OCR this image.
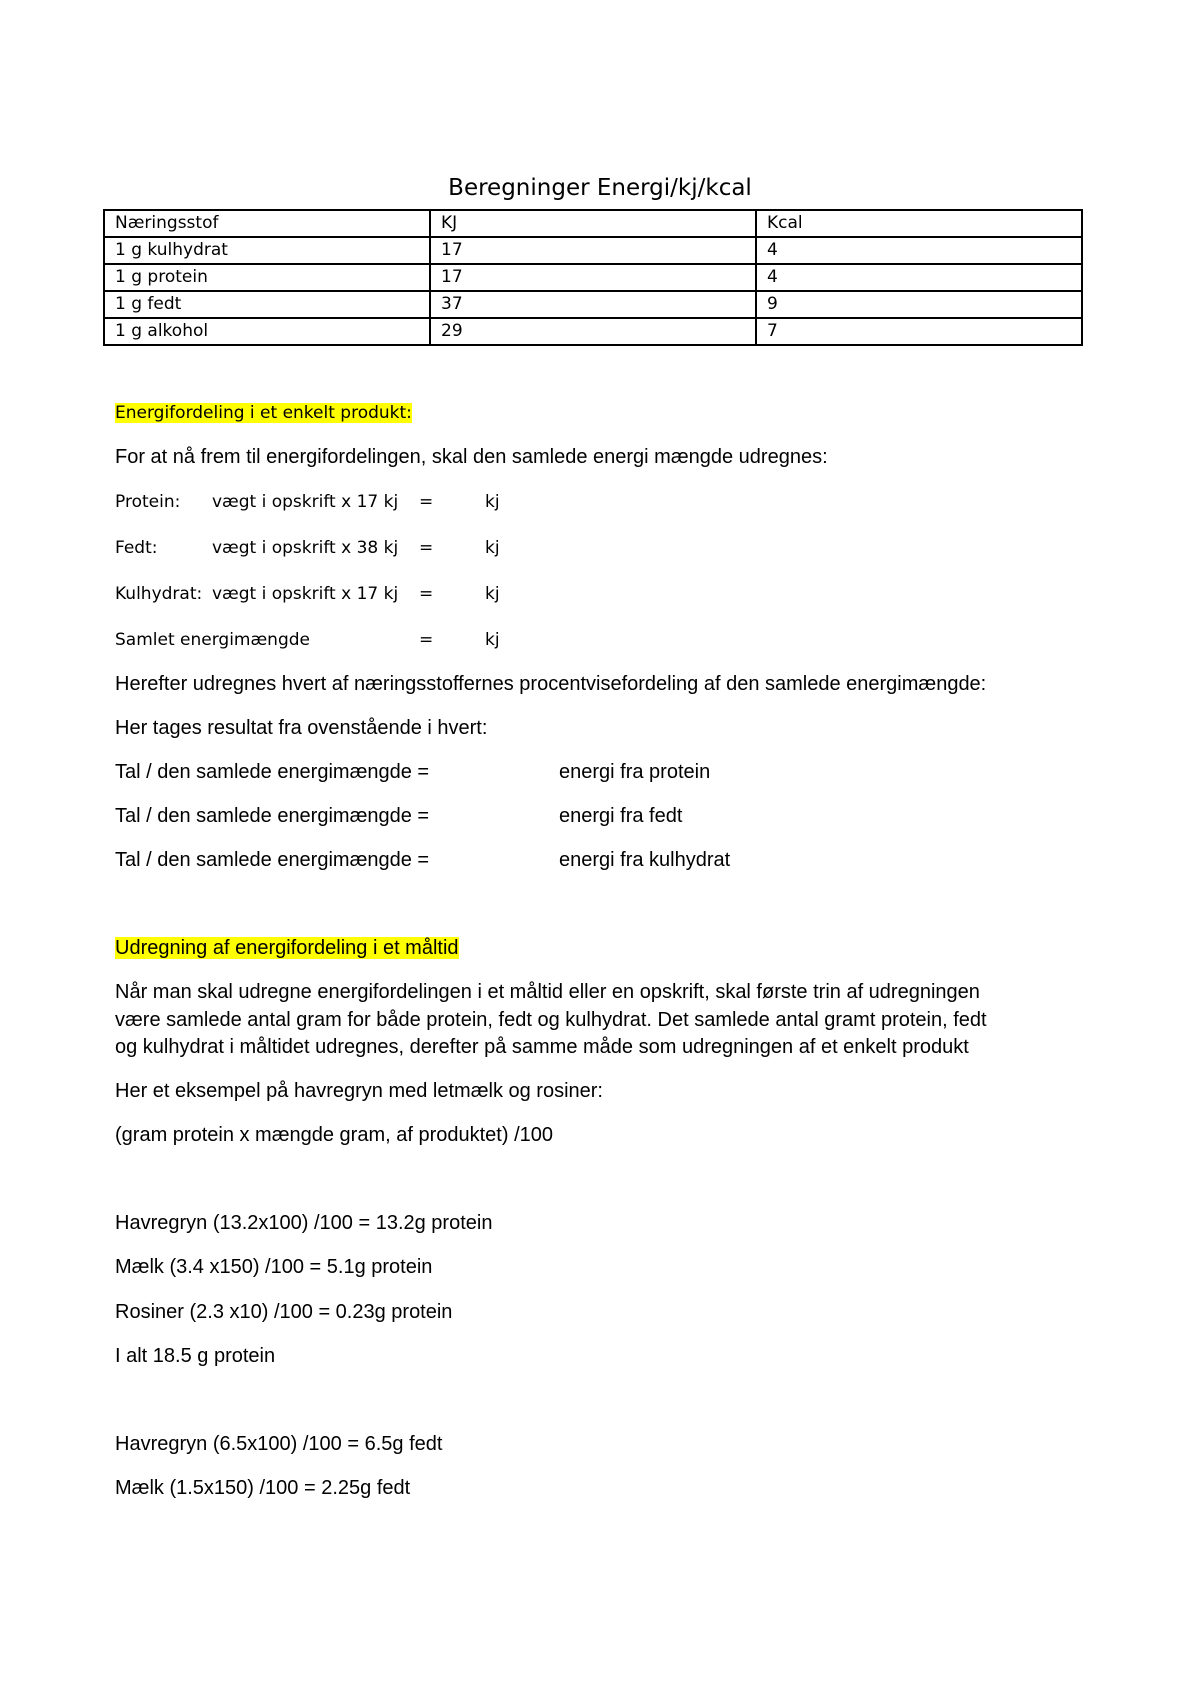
Beregninger Energi/kj/kcal
Næringsstof	KJ	Kcal
1 g kulhydrat	17	4
1 g protein	17	4
1 g fedt	37	9
1 g alkohol	29	7
Energifordeling i et enkelt produkt:
For at nå frem til energifordelingen, skal den samlede energi mængde udregnes:
Protein: vægt i opskrift x 17 kj =	kj
Fedt:	vægt i opskrift x 38 kj =	kj
Kulhydrat: vægt i opskrift x 17 kj =	kj
Samlet energimængde	=	kj
Herefter udregnes hvert af næringsstoffernes procentvisefordeling af den samlede energimængde:
Her tages resultat fra ovenstående i hvert:
Tal / den samlede energimængde =	energi fra protein
Tal / den samlede energimængde =	energi fra fedt
Tal / den samlede energimængde =	energi fra kulhydrat
Udregning af energifordeling i et måltid
Når man skal udregne energifordelingen i et måltid eller en opskrift, skal første trin af udregningen
være samlede antal gram for både protein, fedt og kulhydrat. Det samlede antal gramt protein, fedt
og kulhydrat i måltidet udregnes, derefter på samme måde som udregningen af et enkelt produkt
Her et eksempel på havregryn med letmælk og rosiner:
(gram protein x mængde gram, af produktet) /100
Havregryn (13.2x100) /100 = 13.2g protein
Mælk (3.4 x150) /100 = 5.1g protein
Rosiner (2.3 x10) /100 = 0.23g protein
I alt 18.5 g protein
Havregryn (6.5x100) /100 = 6.5g fedt
Mælk (1.5x150) /100 = 2.25g fedt
